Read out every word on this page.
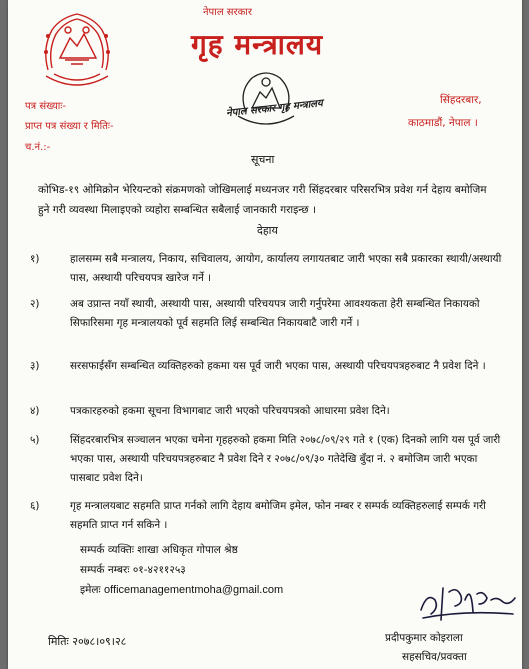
नेपाल सरकार
गृह मन्त्रालय
नेपाल सरकार गृह मन्त्रालय
पत्र संख्याः-
प्राप्त पत्र संख्या र मितिः-
च.नं.:-
सिंहदरबार,
काठमाडौं, नेपाल ।
सूचना
कोभिड-१९ ओमिक्रोन भेरियन्टको संक्रमणको जोखिमलाई मध्यनजर गरी सिंहदरबार परिसरभित्र प्रवेश गर्न देहाय बमोजिम हुने गरी व्यवस्था मिलाइएको व्यहोरा सम्बन्धित सबैलाई जानकारी गराइन्छ ।
देहाय
१)	हालसम्म सबै मन्त्रालय, निकाय, सचिवालय, आयोग, कार्यालय लगायतबाट जारी भएका सबै प्रकारका स्थायी/अस्थायी पास, अस्थायी परिचयपत्र खारेज गर्ने ।
२)	अब उप्रान्त नयाँ स्थायी, अस्थायी पास, अस्थायी परिचयपत्र जारी गर्नुपरेमा आवश्यकता हेरी सम्बन्धित निकायको सिफारिसमा गृह मन्त्रालयको पूर्व सहमति लिई सम्बन्धित निकायबाटै जारी गर्ने ।
३)	सरसफाईसँग सम्बन्धित व्यक्तिहरुको हकमा यस पूर्व जारी भएका पास, अस्थायी परिचयपत्रहरुबाट नै प्रवेश दिने ।
४)	पत्रकारहरुको हकमा सूचना विभागबाट जारी भएको परिचयपत्रको आधारमा प्रवेश दिने।
५)	सिंहदरबारभित्र सञ्चालन भएका चमेना गृहहरुको हकमा मिति २०७८/०९/२९ गते १ (एक) दिनको लागि यस पूर्व जारी भएका पास, अस्थायी परिचयपत्रहरुबाट नै प्रवेश दिने र २०७८/०९/३० गतेदेखि बुँदा नं. २ बमोजिम जारी भएका पासबाट प्रवेश दिने।
६)	गृह मन्त्रालयबाट सहमति प्राप्त गर्नको लागि देहाय बमोजिम इमेल, फोन नम्बर र सम्पर्क व्यक्तिहरुलाई सम्पर्क गरी सहमति प्राप्त गर्न सकिने ।
सम्पर्क व्यक्तिः शाखा अधिकृत गोपाल श्रेष्ठ
सम्पर्क नम्बरः ०१-४२११२५३
इमेलः officemanagementmoha@gmail.com
मितिः २०७८।०९।२८	प्रदीपकुमार कोइराला
सहसचिव/प्रवक्ता
